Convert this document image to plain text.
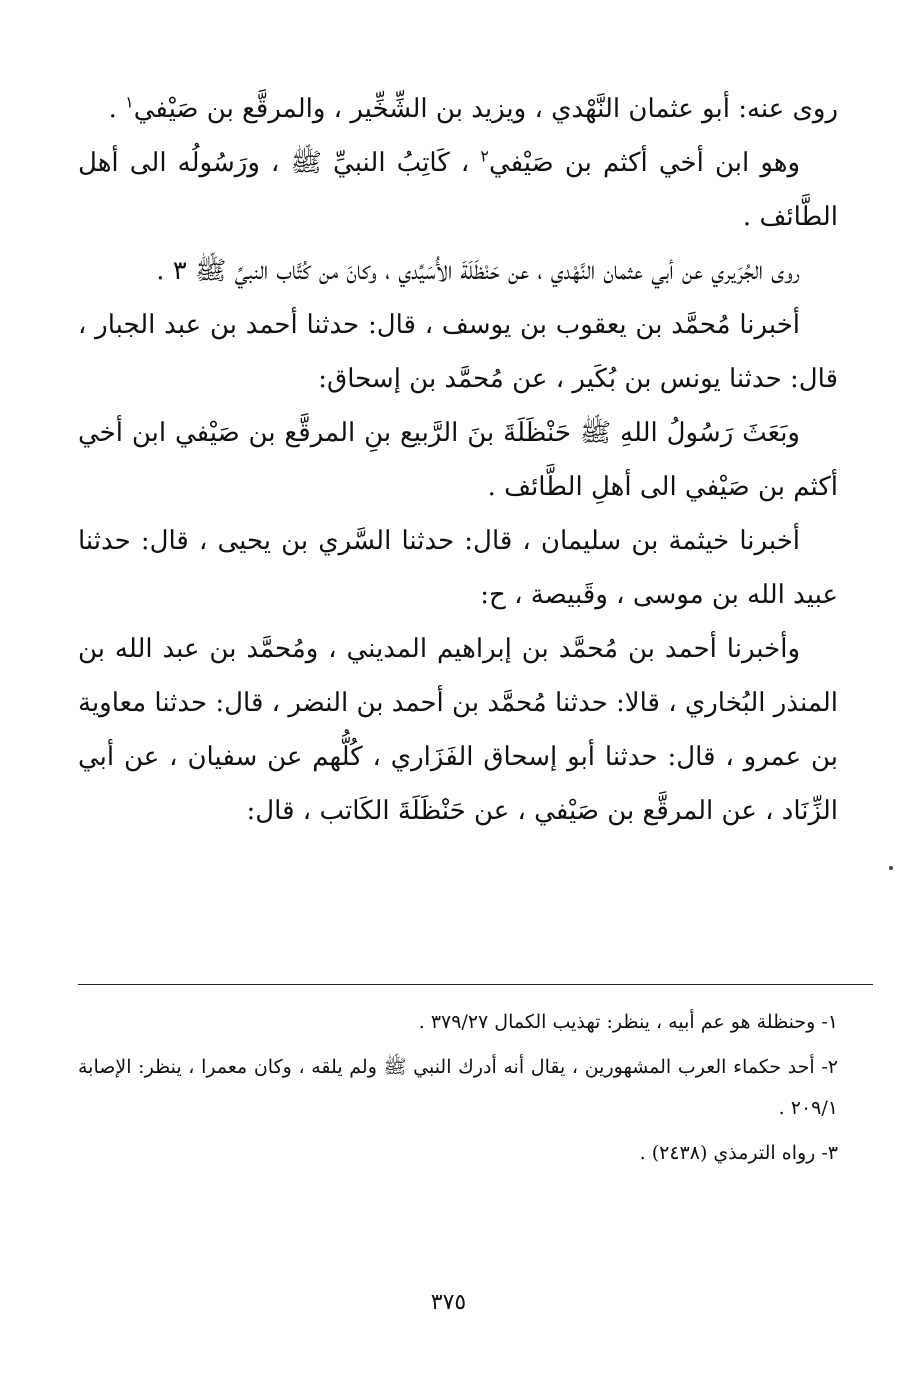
روى عنه: أبو عثمان النَّهْدي ، ويزيد بن الشِّخِّير ، والمرقَّع بن صَيْفي$^١$ .

وهو ابن أخي أكثم بن صَيْفي$^٢$ ، كَاتِبُ النبيِّ ﷺ ، ورَسُولُه الى أهل الطَّائف .

روى الجُرَيري عن أبي عثمان النَّهْدي ، عن حَنْظَلَةَ الأُسَيِّدي ، وكانَ من كُتَّاب النبيِّ ﷺ ٣ .

أخبرنا مُحمَّد بن يعقوب بن يوسف ، قال: حدثنا أحمد بن عبد الجبار ، قال: حدثنا يونس بن بُكَير ، عن مُحمَّد بن إسحاق:

وبَعَثَ رَسُولُ اللهِ ﷺ حَنْظَلَةَ بنَ الرَّبيع بنِ المرقَّع بن صَيْفي ابن أخي أكثم بن صَيْفي الى أهلِ الطَّائف .

أخبرنا خيثمة بن سليمان ، قال: حدثنا السَّري بن يحيى ، قال: حدثنا عبيد الله بن موسى ، وقَبيصة ، ح:

وأخبرنا أحمد بن مُحمَّد بن إبراهيم المديني ، ومُحمَّد بن عبد الله بن المنذر البُخاري ، قالا: حدثنا مُحمَّد بن أحمد بن النضر ، قال: حدثنا معاوية بن عمرو ، قال: حدثنا أبو إسحاق الفَزَاري ، كُلُّهم عن سفيان ، عن أبي الزِّنَاد ، عن المرقَّع بن صَيْفي ، عن حَنْظَلَةَ الكَاتب ، قال:

١- وحنظلة هو عم أبيه ، ينظر: تهذيب الكمال ٣٧٩/٢٧ .

٢- أحد حكماء العرب المشهورين ، يقال أنه أدرك النبي ﷺ ولم يلقه ، وكان معمرا ، ينظر: الإصابة ٢٠٩/١ .

٣- رواه الترمذي (٢٤٣٨) .

٣٧٥
